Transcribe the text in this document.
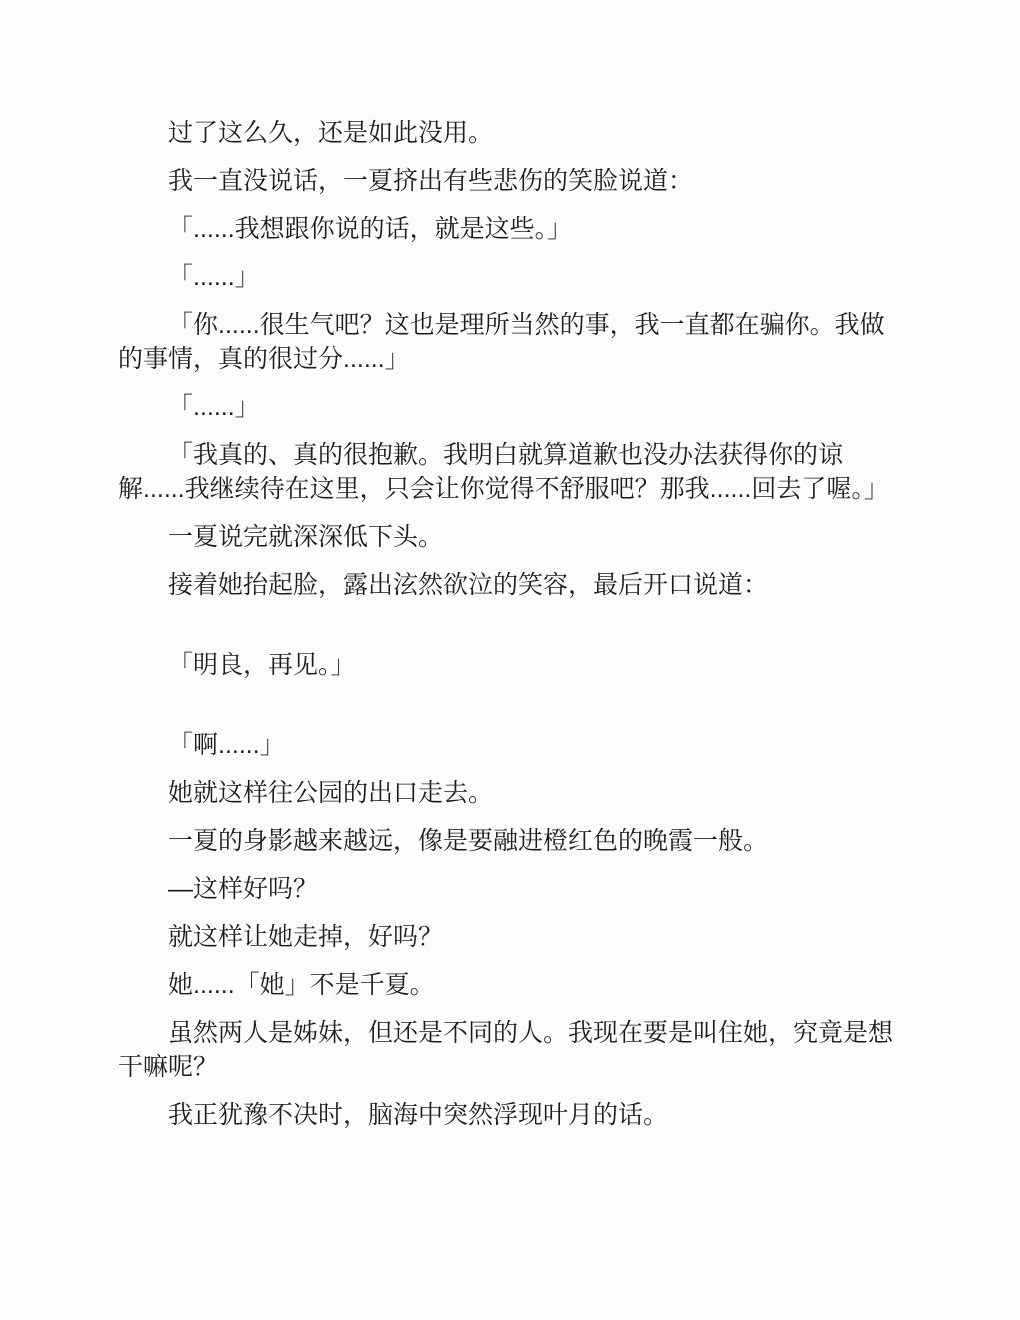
过了这么久，还是如此没用。

我一直没说话，一夏挤出有些悲伤的笑脸说道：

「......我想跟你说的话，就是这些。」

「......」

「你......很生气吧？这也是理所当然的事，我一直都在骗你。我做的事情，真的很过分......」

「......」

「我真的、真的很抱歉。我明白就算道歉也没办法获得你的谅解......我继续待在这里，只会让你觉得不舒服吧？那我......回去了喔。」

一夏说完就深深低下头。

接着她抬起脸，露出泫然欲泣的笑容，最后开口说道：

「明良，再见。」

「啊......」

她就这样往公园的出口走去。

一夏的身影越来越远，像是要融进橙红色的晚霞一般。

—这样好吗？

就这样让她走掉，好吗？

她......「她」不是千夏。

虽然两人是姊妹，但还是不同的人。我现在要是叫住她，究竟是想干嘛呢？

我正犹豫不决时，脑海中突然浮现叶月的话。
